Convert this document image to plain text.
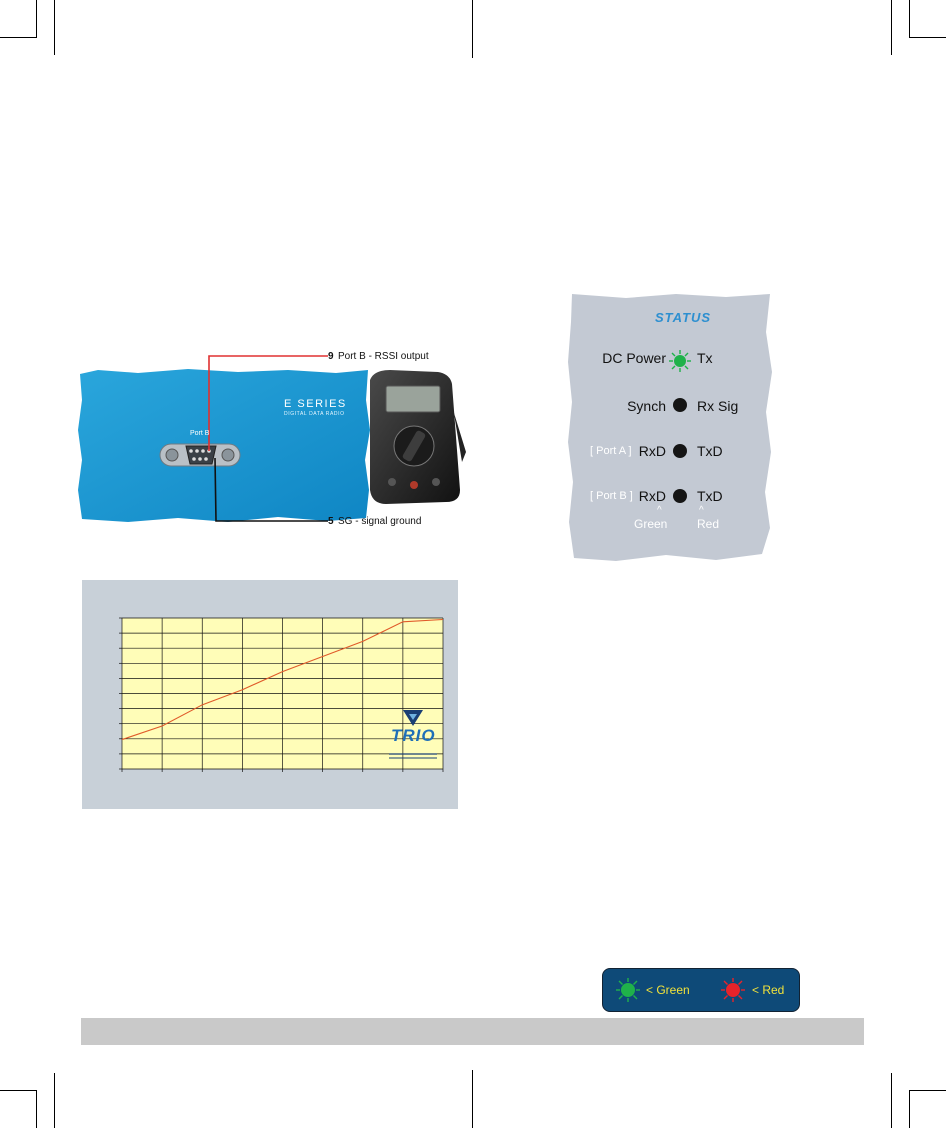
E SERIES
DIGITAL DATA RADIO
Port B
9 Port B - RSSI output
5 SG - signal ground
TRIO
STATUS
DC Power Tx
Synch Rx Sig
[ Port A ] RxD TxD
[ Port B ] RxD TxD
^
Green
^
Red
< Green	< Red
